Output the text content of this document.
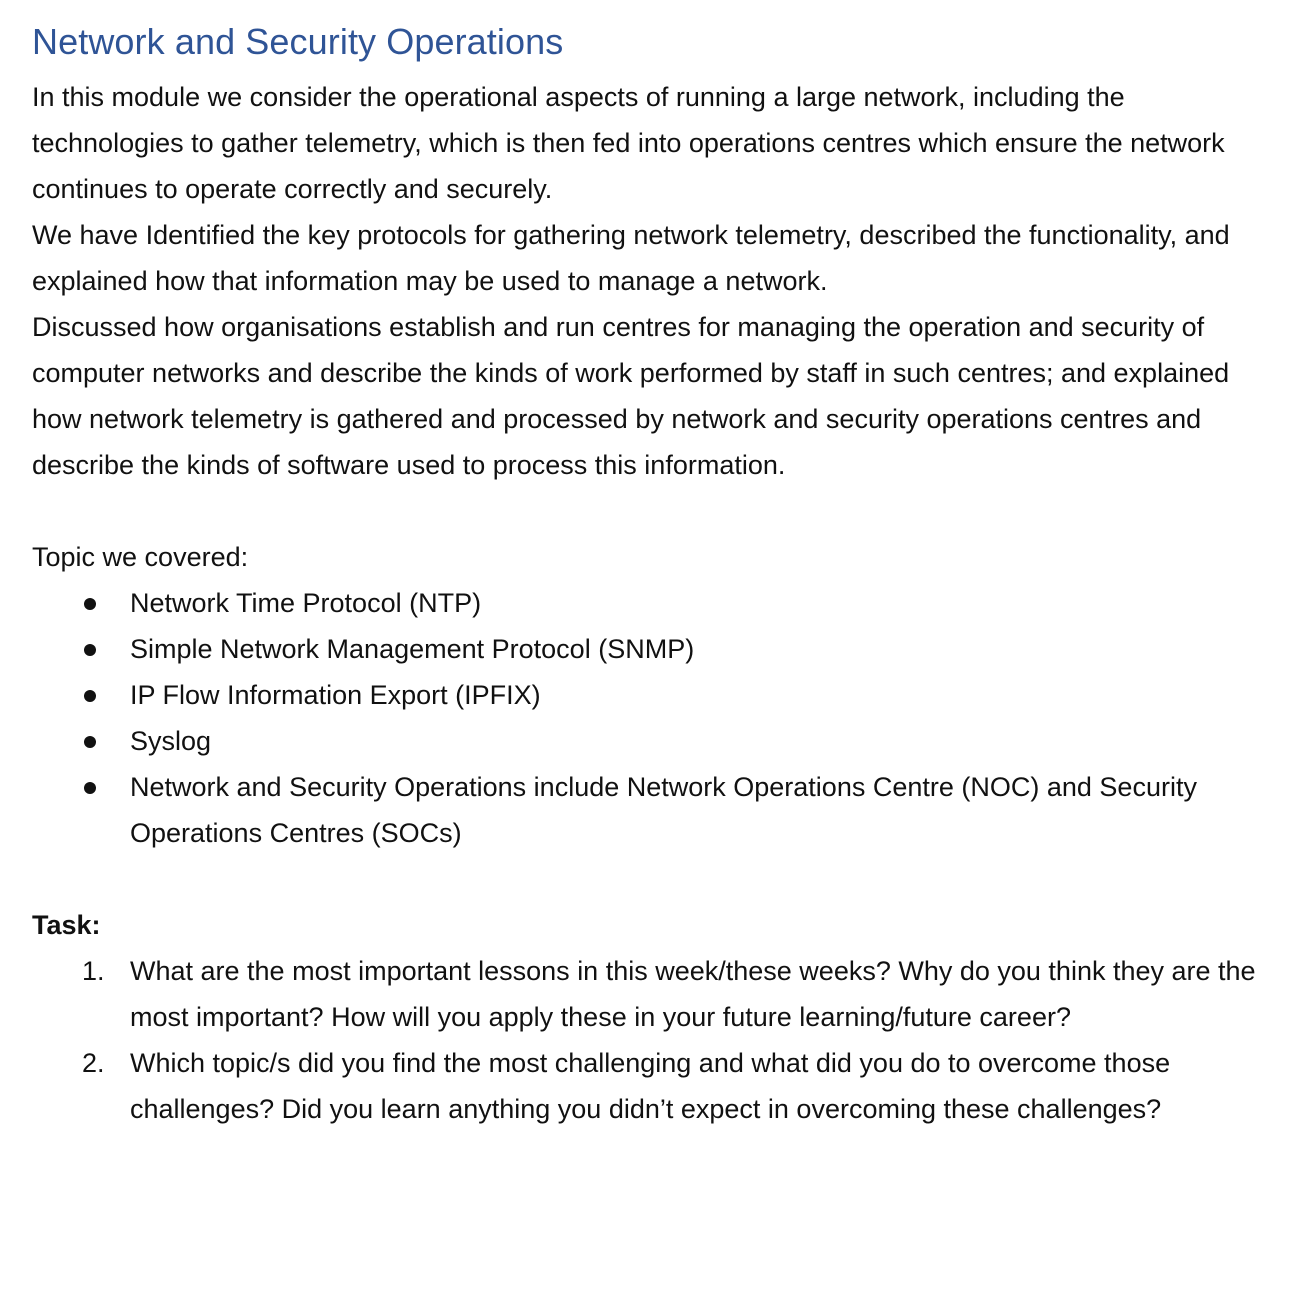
Network and Security Operations

In this module we consider the operational aspects of running a large network, including the technologies to gather telemetry, which is then fed into operations centres which ensure the network continues to operate correctly and securely.

We have Identified the key protocols for gathering network telemetry, described the functionality, and explained how that information may be used to manage a network.

Discussed how organisations establish and run centres for managing the operation and security of computer networks and describe the kinds of work performed by staff in such centres; and explained how network telemetry is gathered and processed by network and security operations centres and describe the kinds of software used to process this information.

Topic we covered:

Network Time Protocol (NTP)
Simple Network Management Protocol (SNMP)
IP Flow Information Export (IPFIX)
Syslog
Network and Security Operations include Network Operations Centre (NOC) and Security Operations Centres (SOCs)

Task:

1. What are the most important lessons in this week/these weeks? Why do you think they are the most important? How will you apply these in your future learning/future career?
2. Which topic/s did you find the most challenging and what did you do to overcome those challenges? Did you learn anything you didn’t expect in overcoming these challenges?
